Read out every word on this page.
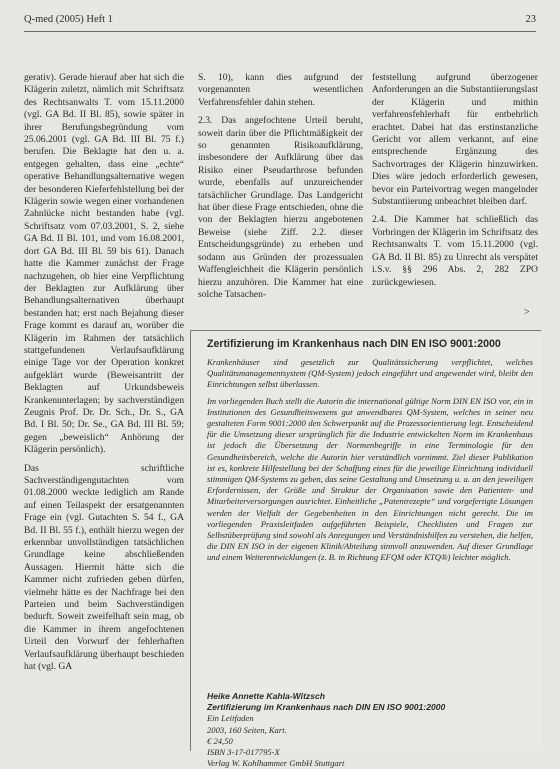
Q-med (2005) Heft 1	23

gerativ). Gerade hierauf aber hat sich die Klägerin zuletzt, nämlich mit Schriftsatz des Rechtsanwalts T. vom 15.11.2000 (vgl. GA Bd. II Bl. 85), sowie später in ihrer Berufungsbegründung vom 25.06.2001 (vgl. GA Bd. III Bl. 75 f.) berufen. Die Beklagte hat den u. a. entgegen gehalten, dass eine „echte“ operative Behandlungsalternative wegen der besonderen Kieferfehlstellung bei der Klägerin sowie wegen einer vorhandenen Zahnlücke nicht bestanden habe (vgl. Schriftsatz vom 07.03.2001, S. 2, siehe GA Bd. II Bl. 101, und vom 16.08.2001, dort GA Bd. III Bl. 59 bis 61). Danach hatte die Kammer zunächst der Frage nachzugehen, ob hier eine Verpflichtung der Beklagten zur Aufklärung über Behandlungsalternativen überhaupt bestanden hat; erst nach Bejahung dieser Frage kommt es darauf an, worüber die Klägerin im Rahmen der tatsächlich stattgefundenen Verlaufsaufklärung einige Tage vor der Operation konkret aufgeklärt wurde (Beweisantritt der Beklagten auf Urkundsbeweis Krankenunterlagen; by sachverständigen Zeugnis Prof. Dr. Dr. Sch., Dr. S., GA Bd. I Bl. 50; Dr. Se., GA Bd. III Bl. 59; gegen „beweislich“ Anhörung der Klägerin persönlich).

Das schriftliche Sachverständigengutachten vom 01.08.2000 weckte lediglich am Rande auf einen Teilaspekt der ersatgenannten Frage ein (vgl. Gutachten S. 54 f., GA Bd. II Bl. 55 f.), enthält hierzu wegen der erkennbar unvollständigen tatsächlichen Grundlage keine abschließenden Aussagen. Hiermit hätte sich die Kammer nicht zufrieden geben dürfen, vielmehr hätte es der Nachfrage bei den Parteien und beim Sachverständigen bedurft. Soweit zweifelhaft sein mag, ob die Kammer in ihrem angefochtenen Urteil den Vorwurf der fehlerhaften Verlaufsaufklärung überhaupt beschieden hat (vgl. GA

S. 10), kann dies aufgrund der vorgenannten wesentlichen Verfahrensfehler dahin stehen.

2.3. Das angefochtene Urteil beruht, soweit darin über die Pflichtmäßigkeit der so genannten Risikoaufklärung, insbesondere der Aufklärung über das Risiko einer Pseudarthrose befunden wurde, ebenfalls auf unzureichender tatsächlicher Grundlage. Das Landgericht hat über diese Frage entschieden, ohne die von der Beklagten hierzu angebotenen Beweise (siehe Ziff. 2.2. dieser Entscheidungsgründe) zu erheben und sodann aus Gründen der prozessualen Waffengleichheit die Klägerin persönlich hierzu anzuhören. Die Kammer hat eine solche Tatsachen-

feststellung aufgrund überzogener Anforderungen an die Substantiierungslast der Klägerin und mithin verfahrensfehlerhaft für entbehrlich erachtet. Dabei hat das erstinstanzliche Gericht vor allem verkannt, auf eine entsprechende Ergänzung des Sachvortrages der Klägerin hinzuwirken. Dies wäre jedoch erforderlich gewesen, bevor ein Parteivortrag wegen mangelnder Substantiierung unbeachtet bleiben darf.

2.4. Die Kammer hat schließlich das Vorbringen der Klägerin im Schriftsatz des Rechtsanwalts T. vom 15.11.2000 (vgl. GA Bd. II Bl. 85) zu Unrecht als verspätet i.S.v. §§ 296 Abs. 2, 282 ZPO zurückgewiesen.

>
Zertifizierung im Krankenhaus nach DIN EN ISO 9001:2000

Krankenhäuser sind gesetzlich zur Qualitätssicherung verpflichtet, welches Qualitätsmanagementsystem (QM-System) jedoch eingeführt und angewendet wird, bleibt den Einrichtungen selbst überlassen.

Im vorliegenden Buch stellt die Autorin die international gültige Norm DIN EN ISO vor, ein in Institutionen des Gesundheitswesens gut anwendbares QM-System, welches in seiner neu gestalteten Form 9001:2000 den Schwerpunkt auf die Prozessorientierung legt. Entscheidend für die Umsetzung dieser ursprünglich für die Industrie entwickelten Norm im Krankenhaus ist jedoch die Übersetzung der Normenbegriffe in eine Terminologie für den Gesundheitsbereich, welche die Autorin hier verständlich vornimmt. Ziel dieser Publikation ist es, konkrete Hilfestellung bei der Schaffung eines für die jeweilige Einrichtung individuell stimmigen QM-Systems zu geben, das seine Gestaltung und Umsetzung u. a. an den jeweiligen Erfordernissen, der Größe und Struktur der Organisation sowie den Patienten- und Mitarbeiterversorgungen ausrichtet. Einheitliche „Patentrezepte“ und vorgefertigte Lösungen werden der Vielfalt der Gegebenheiten in den Einrichtungen nicht gerecht. Die im vorliegenden Praxisleitfaden aufgeführten Beispiele, Checklisten und Fragen zur Selbstüberprüfung sind sowohl als Anregungen und Verständnishilfen zu verstehen, die helfen, die DIN EN ISO in der eigenen Klinik/Abteilung sinnvoll anzuwenden. Auf dieser Grundlage und einem Weiterentwicklungen (z. B. in Richtung EFQM oder KTQ®) leichter möglich.

Heike Annette Kahla-Witzsch
Zertifizierung im Krankenhaus nach DIN EN ISO 9001:2000
Ein Leitfaden
2003, 160 Seiten, Kart.
€ 24,50
ISBN 3-17-017795-X
Verlag W. Kohlhammer GmbH Stuttgart
